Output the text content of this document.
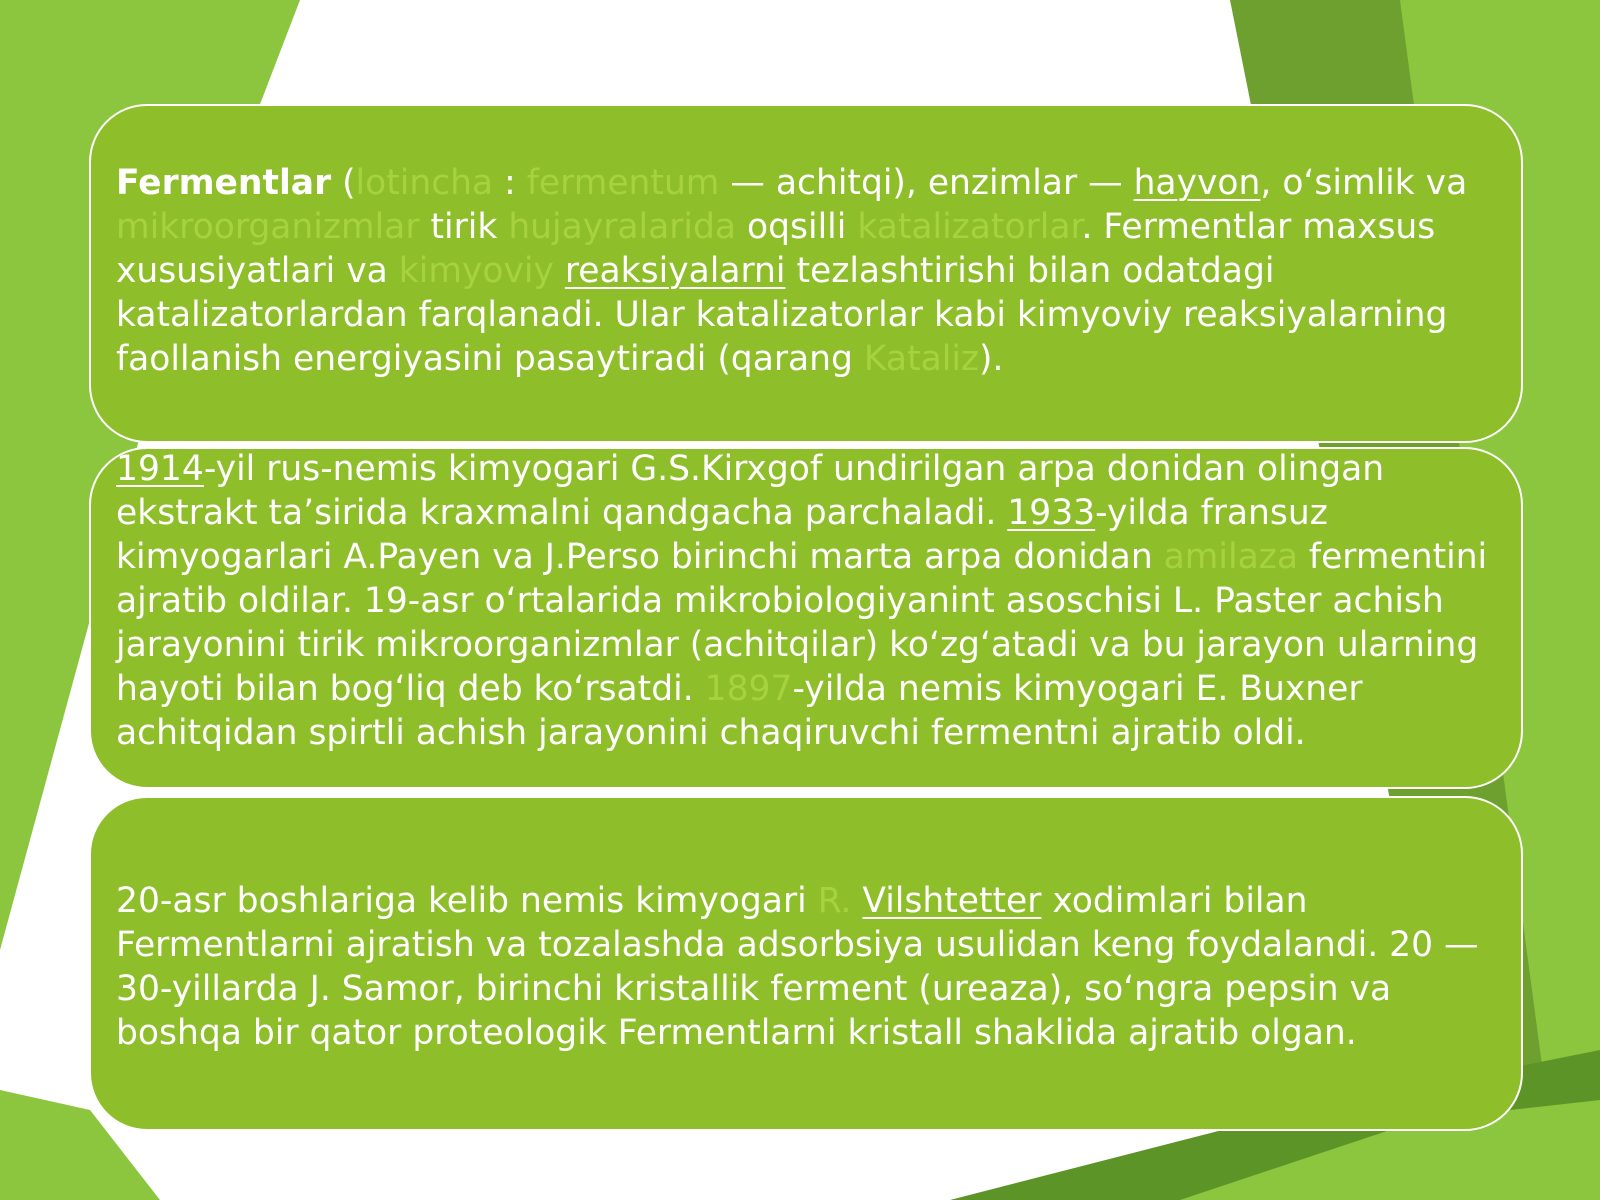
Fermentlar (lotincha : fermentum — achitqi), enzimlar — hayvon, oʻsimlik va mikroorganizmlar tirik hujayralarida oqsilli katalizatorlar. Fermentlar maxsus xususiyatlari va kimyoviy reaksiyalarni tezlashtirishi bilan odatdagi katalizatorlardan farqlanadi. Ular katalizatorlar kabi kimyoviy reaksiyalarning faollanish energiyasini pasaytiradi (qarang Kataliz).
1914-yil rus-nemis kimyogari G.S.Kirxgof undirilgan arpa donidan olingan ekstrakt taʼsirida kraxmalni qandgacha parchaladi. 1933-yilda fransuz kimyogarlari A.Payen va J.Perso birinchi marta arpa donidan amilaza fermentini ajratib oldilar. 19-asr oʻrtalarida mikrobiologiyanint asoschisi L. Paster achish jarayonini tirik mikroorganizmlar (achitqilar) koʻzgʻatadi va bu jarayon ularning hayoti bilan bogʻliq deb koʻrsatdi. 1897-yilda nemis kimyogari E. Buxner achitqidan spirtli achish jarayonini chaqiruvchi fermentni ajratib oldi.
20-asr boshlariga kelib nemis kimyogari R. Vilshtetter xodimlari bilan Fermentlarni ajratish va tozalashda adsorbsiya usulidan keng foydalandi. 20 — 30-yillarda J. Samor, birinchi kristallik ferment (ureaza), soʻngra pepsin va boshqa bir qator proteologik Fermentlarni kristall shaklida ajratib olgan.
